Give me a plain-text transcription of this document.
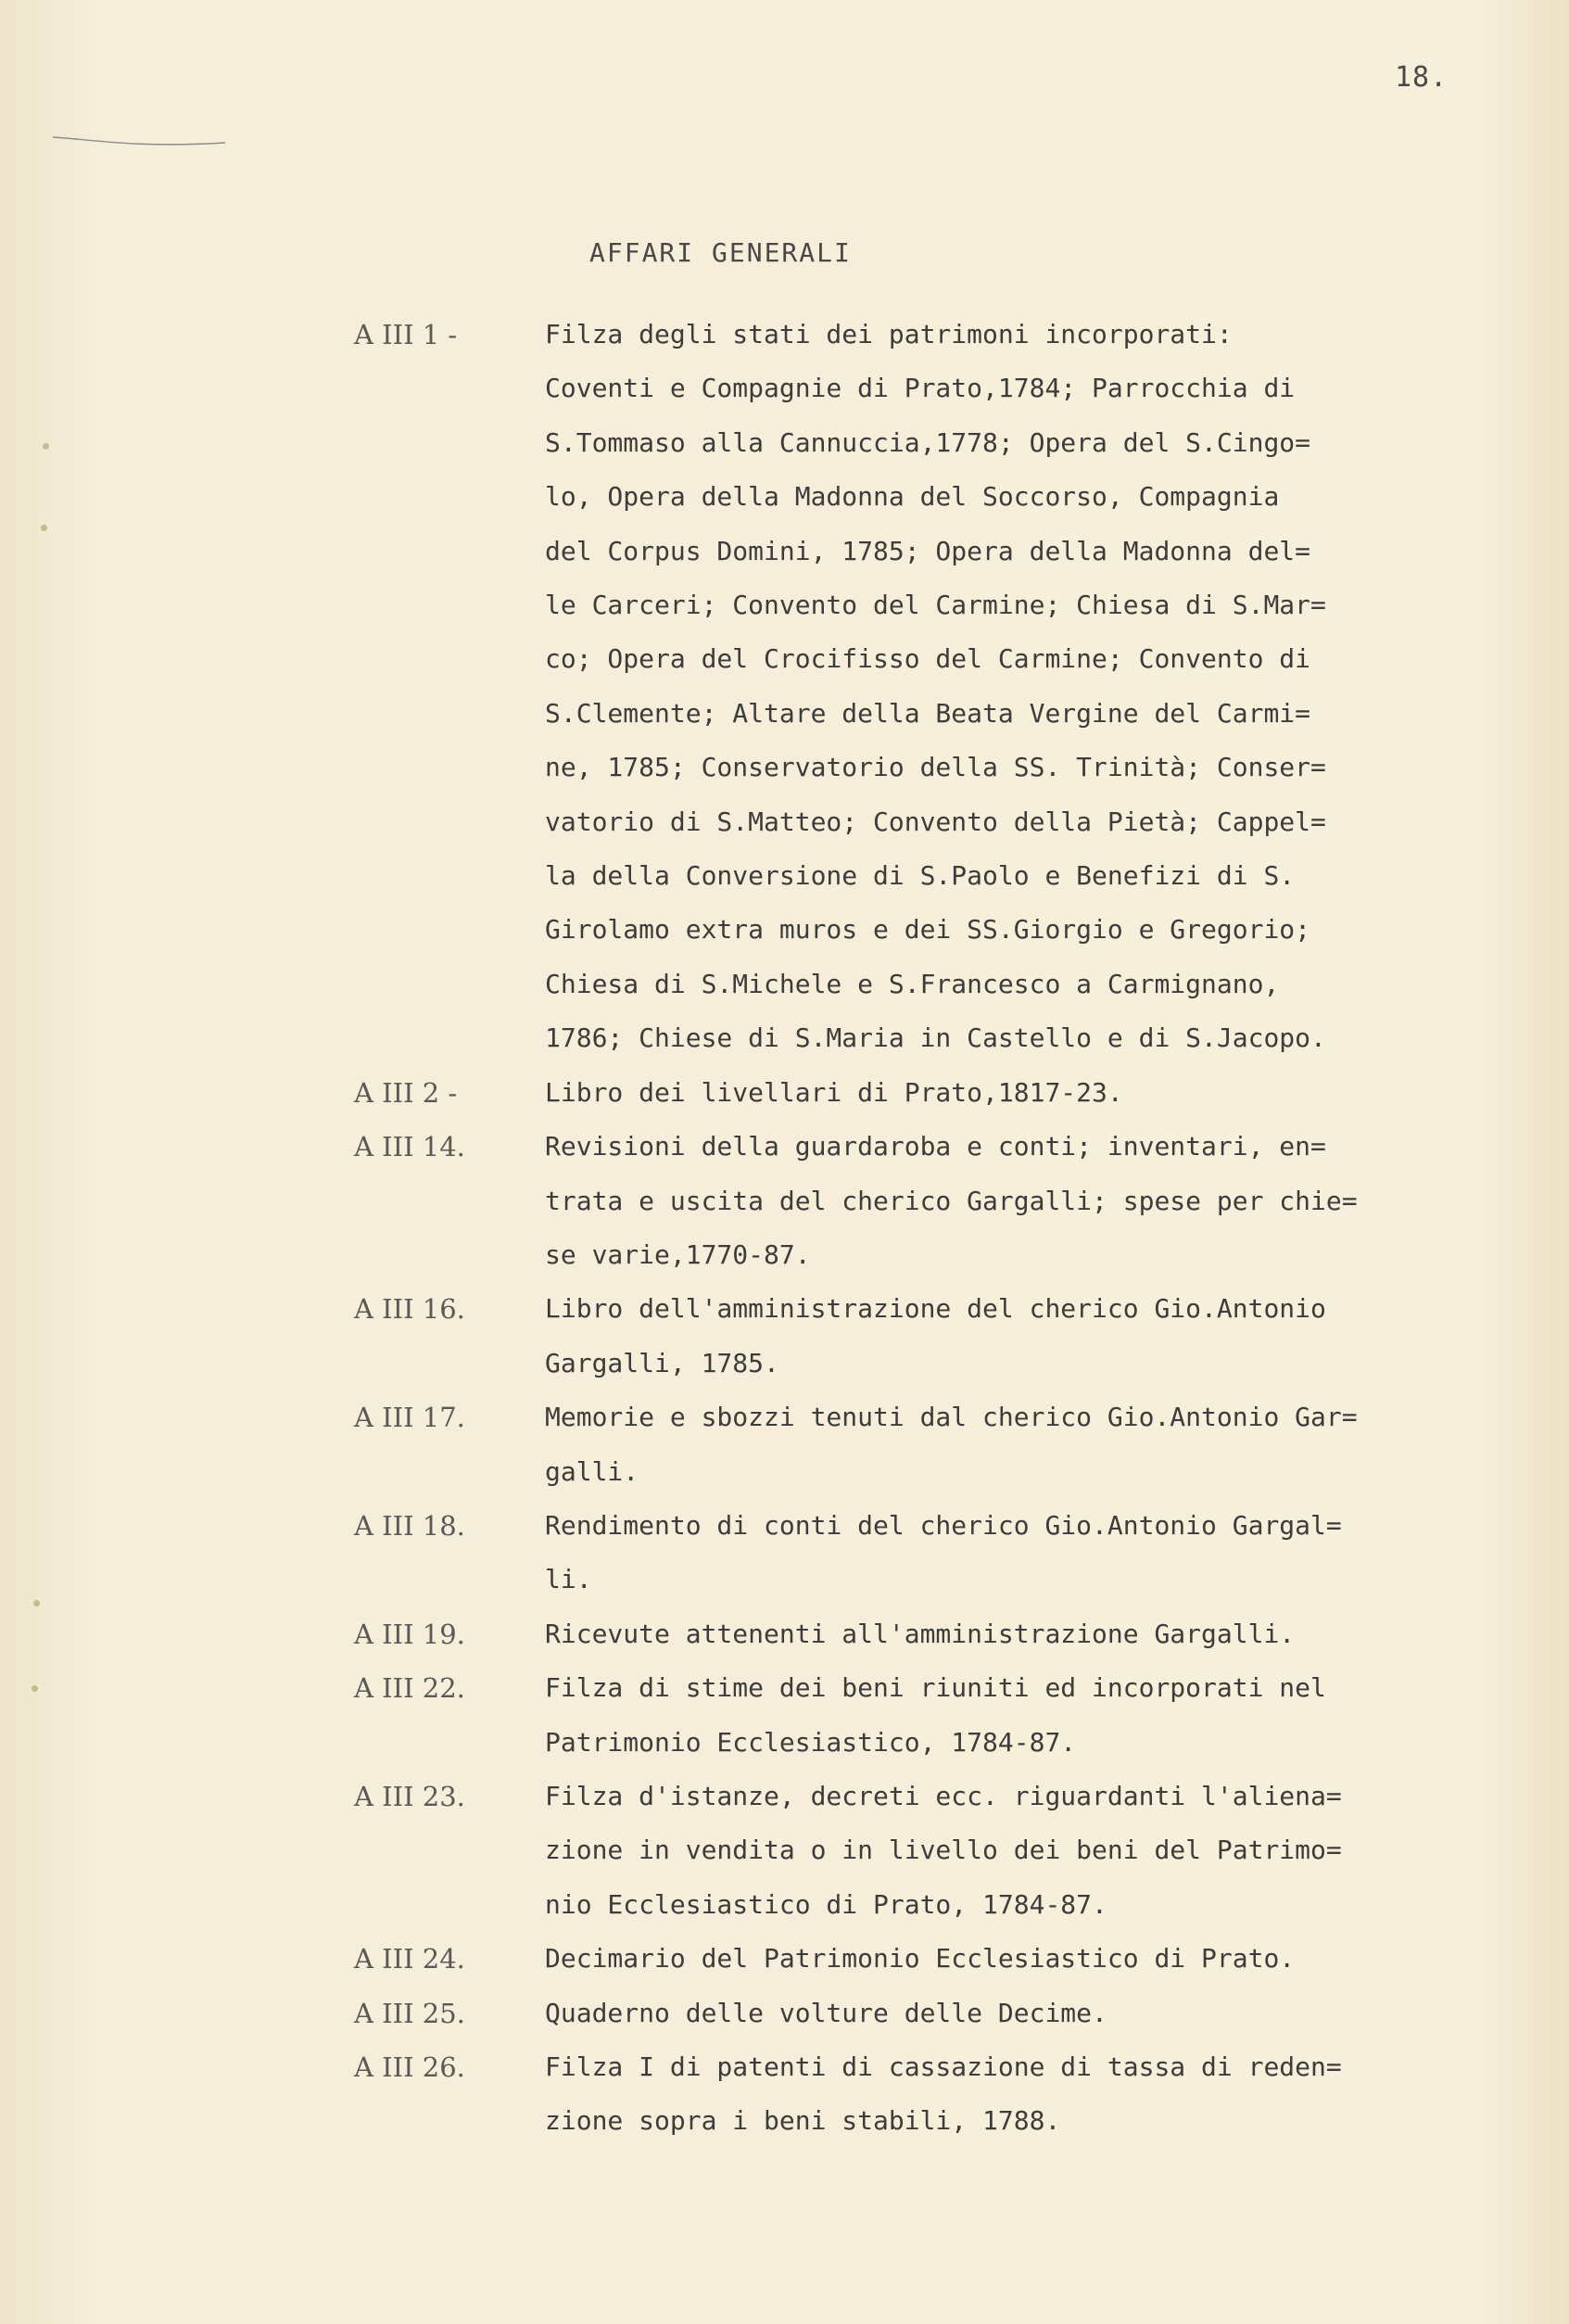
18.
AFFARI GENERALI
A III 1 -	Filza degli stati dei patrimoni incorporati:
Coventi e Compagnie di Prato,1784; Parrocchia di
S.Tommaso alla Cannuccia,1778; Opera del S.Cingo=
lo, Opera della Madonna del Soccorso, Compagnia
del Corpus Domini, 1785; Opera della Madonna del=
le Carceri; Convento del Carmine; Chiesa di S.Mar=
co; Opera del Crocifisso del Carmine; Convento di
S.Clemente; Altare della Beata Vergine del Carmi=
ne, 1785; Conservatorio della SS. Trinità; Conser=
vatorio di S.Matteo; Convento della Pietà; Cappel=
la della Conversione di S.Paolo e Benefizi di S.
Girolamo extra muros e dei SS.Giorgio e Gregorio;
Chiesa di S.Michele e S.Francesco a Carmignano,
1786; Chiese di S.Maria in Castello e di S.Jacopo.
A III 2 -	Libro dei livellari di Prato,1817-23.
A III 14.	Revisioni della guardaroba e conti; inventari, en=
trata e uscita del cherico Gargalli; spese per chie=
se varie,1770-87.
A III 16.	Libro dell'amministrazione del cherico Gio.Antonio
Gargalli, 1785.
A III 17.	Memorie e sbozzi tenuti dal cherico Gio.Antonio Gar=
galli.
A III 18.	Rendimento di conti del cherico Gio.Antonio Gargal=
li.
A III 19.	Ricevute attenenti all'amministrazione Gargalli.
A III 22.	Filza di stime dei beni riuniti ed incorporati nel
Patrimonio Ecclesiastico, 1784-87.
A III 23.	Filza d'istanze, decreti ecc. riguardanti l'aliena=
zione in vendita o in livello dei beni del Patrimo=
nio Ecclesiastico di Prato, 1784-87.
A III 24.	Decimario del Patrimonio Ecclesiastico di Prato.
A III 25.	Quaderno delle volture delle Decime.
A III 26.	Filza I di patenti di cassazione di tassa di reden=
zione sopra i beni stabili, 1788.
